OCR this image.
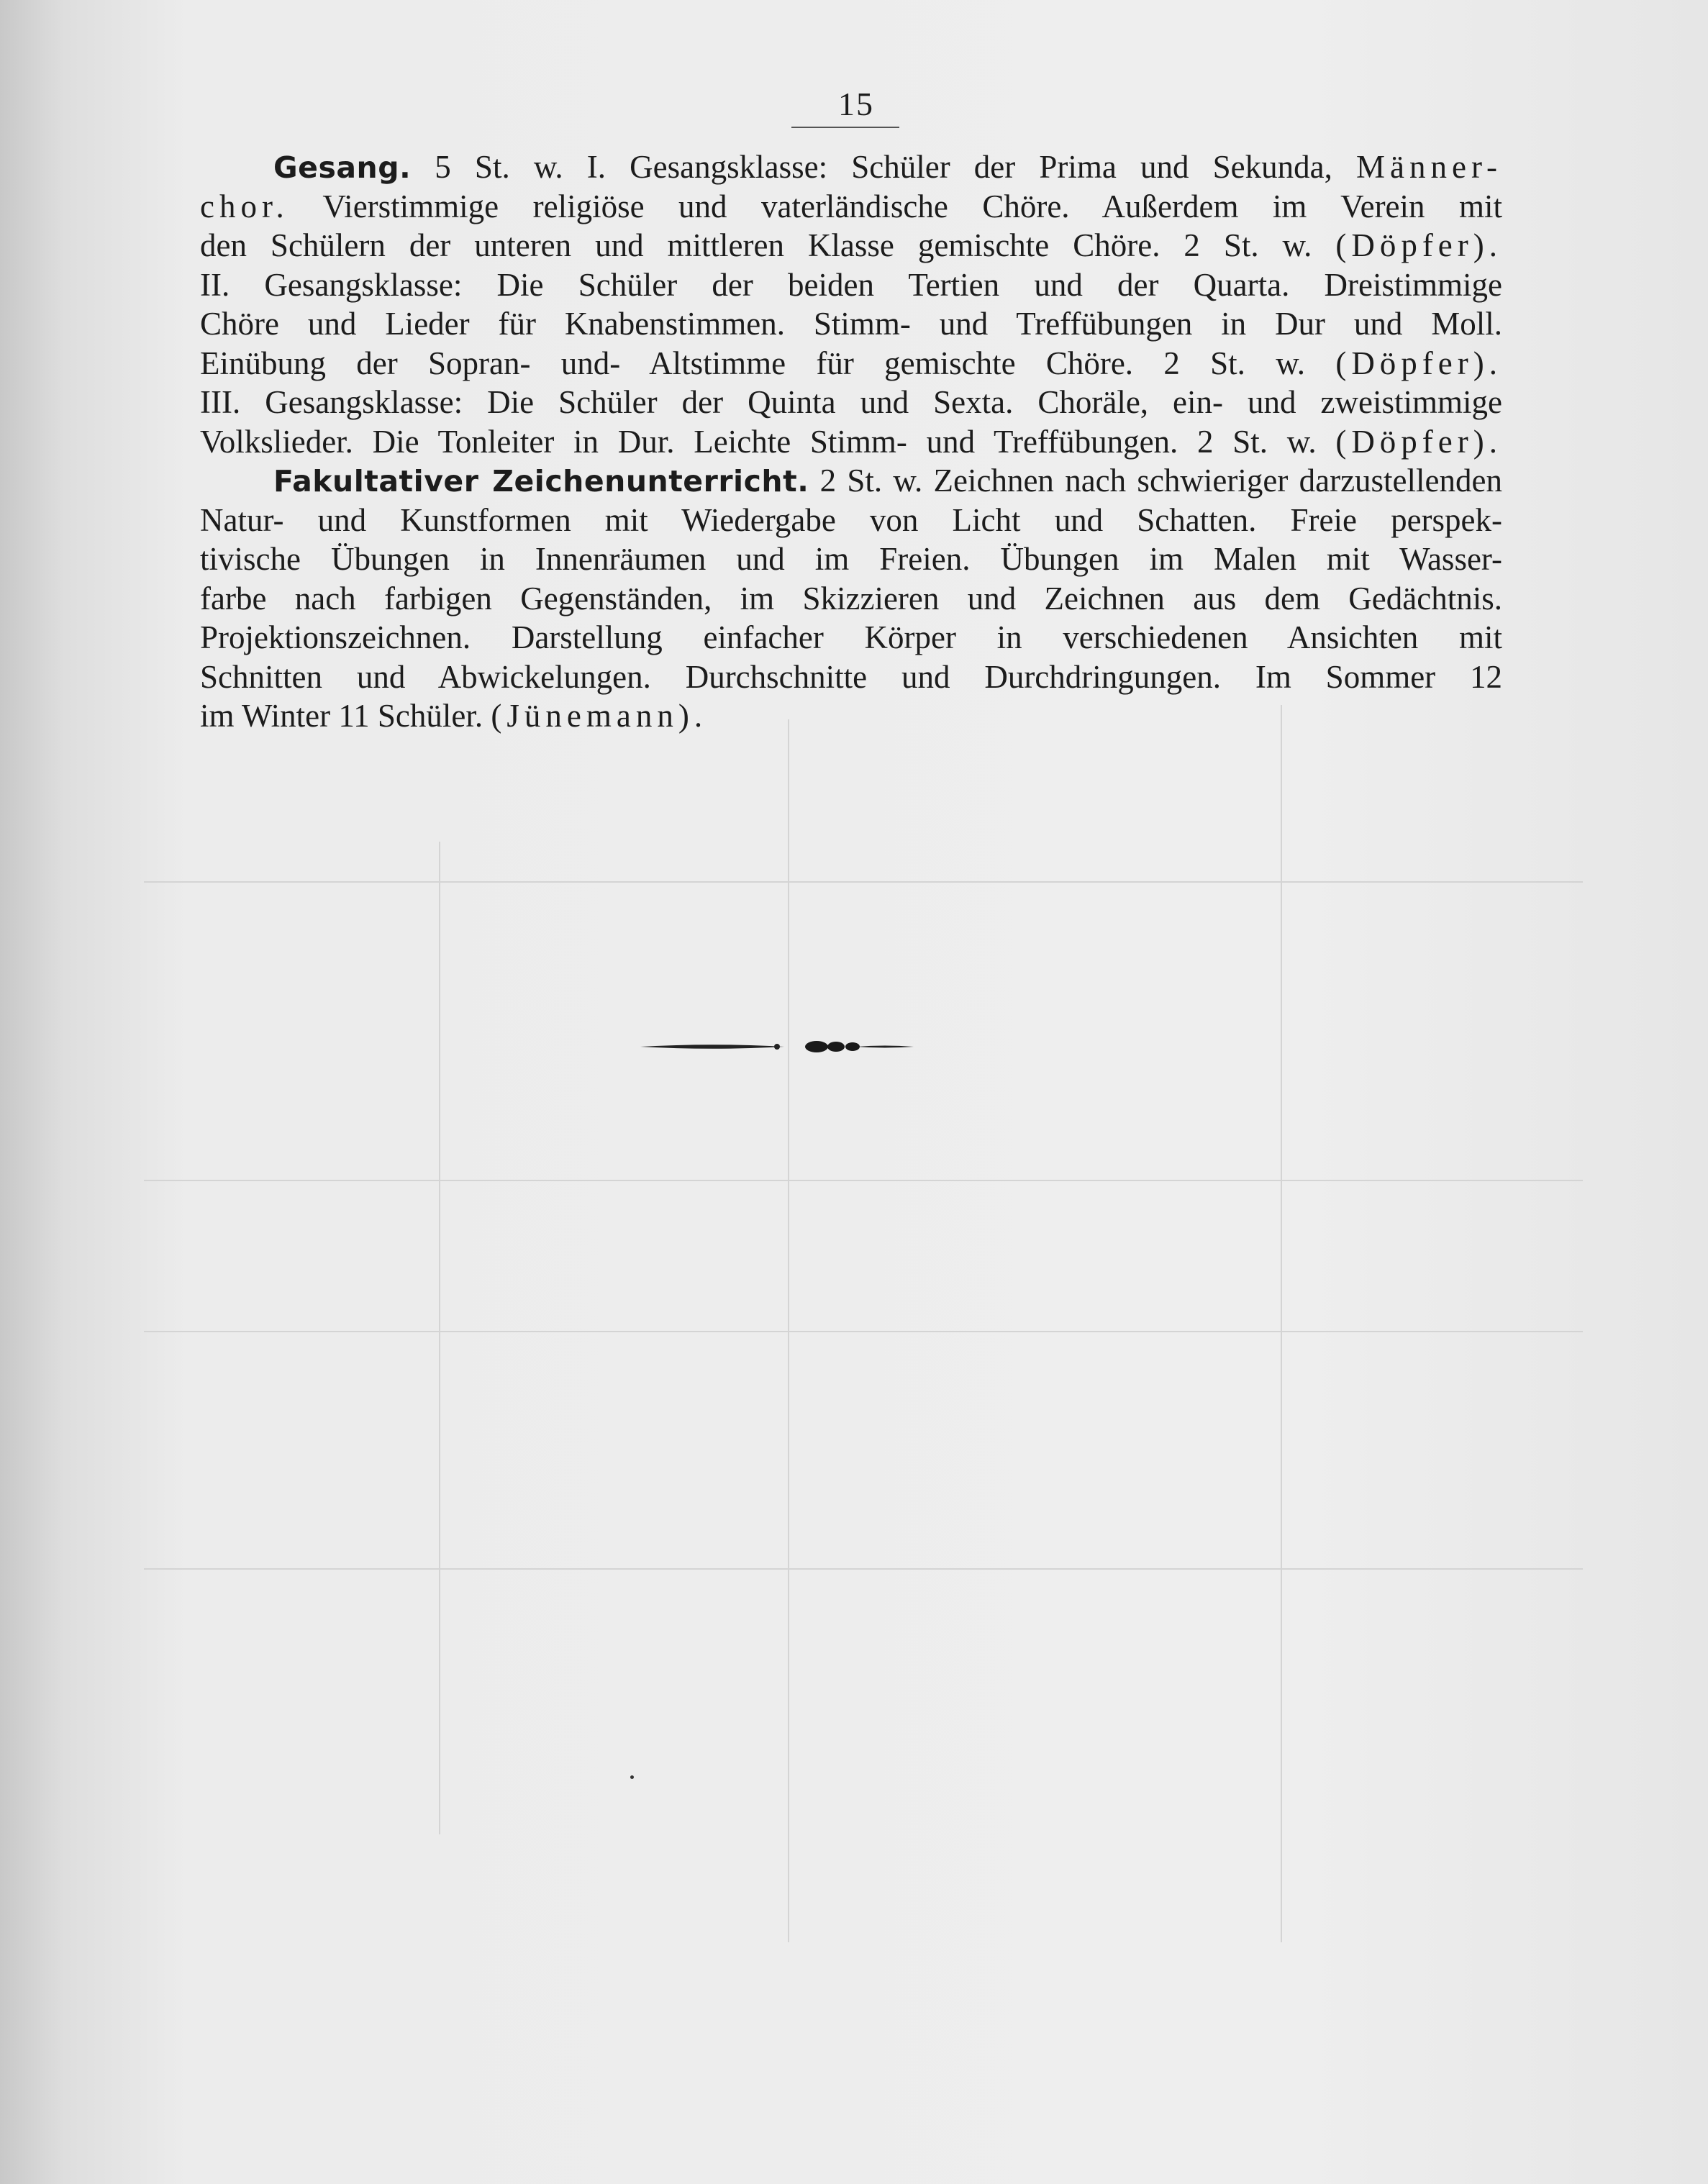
15
Gesang. 5 St. w. I. Gesangsklasse: Schüler der Prima und Sekunda, Männer-
chor. Vierstimmige religiöse und vaterländische Chöre. Außerdem im Verein mit
den Schülern der unteren und mittleren Klasse gemischte Chöre. 2 St. w. (Döpfer).
II. Gesangsklasse: Die Schüler der beiden Tertien und der Quarta. Dreistimmige
Chöre und Lieder für Knabenstimmen. Stimm- und Treffübungen in Dur und Moll.
Einübung der Sopran- und- Altstimme für gemischte Chöre. 2 St. w. (Döpfer).
III. Gesangsklasse: Die Schüler der Quinta und Sexta. Choräle, ein- und zweistimmige
Volkslieder. Die Tonleiter in Dur. Leichte Stimm- und Treffübungen. 2 St. w. (Döpfer).
Fakultativer Zeichenunterricht. 2 St. w. Zeichnen nach schwieriger darzustellenden
Natur- und Kunstformen mit Wiedergabe von Licht und Schatten. Freie perspek-
tivische Übungen in Innenräumen und im Freien. Übungen im Malen mit Wasser-
farbe nach farbigen Gegenständen, im Skizzieren und Zeichnen aus dem Gedächtnis.
Projektionszeichnen. Darstellung einfacher Körper in verschiedenen Ansichten mit
Schnitten und Abwickelungen. Durchschnitte und Durchdringungen. Im Sommer 12
im Winter 11 Schüler. (Jünemann).
